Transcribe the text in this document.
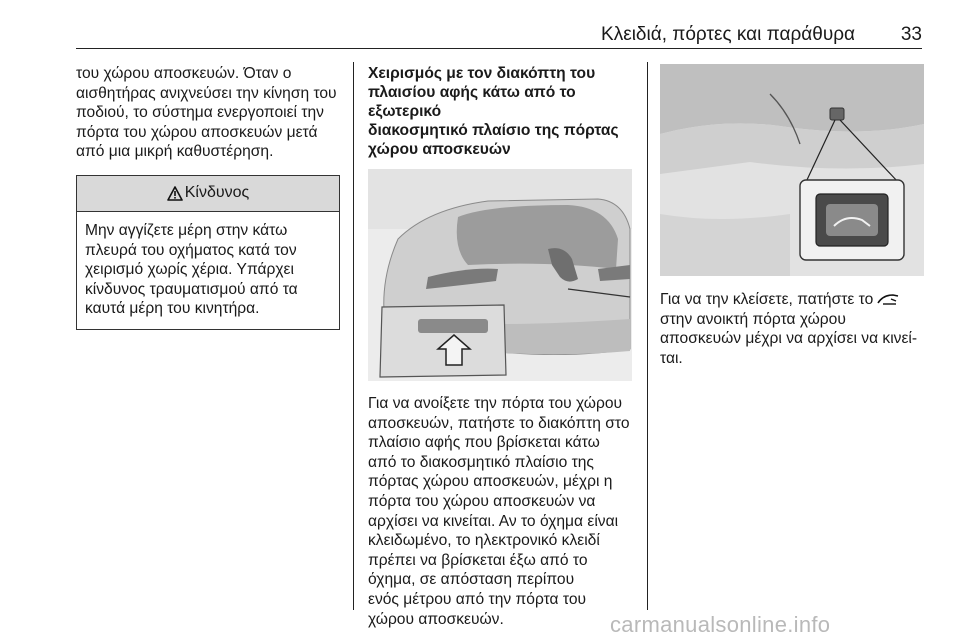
Κλειδιά, πόρτες και παράθυρα 33

του χώρου αποσκευών. Όταν ο
αισθητήρας ανιχνεύσει την κίνηση του
ποδιού, το σύστημα ενεργοποιεί την
πόρτα του χώρου αποσκευών μετά
από μια μικρή καθυστέρηση.

Κίνδυνος

Μην αγγίζετε μέρη στην κάτω
πλευρά του οχήματος κατά τον
χειρισμό χωρίς χέρια. Υπάρχει
κίνδυνος τραυματισμού από τα
καυτά μέρη του κινητήρα.

Χειρισμός με τον διακόπτη του
πλαισίου αφής κάτω από το εξωτερικό
διακοσμητικό πλαίσιο της πόρτας
χώρου αποσκευών

Για να ανοίξετε την πόρτα του χώρου
αποσκευών, πατήστε το διακόπτη στο
πλαίσιο αφής που βρίσκεται κάτω
από το διακοσμητικό πλαίσιο της
πόρτας χώρου αποσκευών, μέχρι η
πόρτα του χώρου αποσκευών να
αρχίσει να κινείται. Αν το όχημα είναι
κλειδωμένο, το ηλεκτρονικό κλειδί
πρέπει να βρίσκεται έξω από το
όχημα, σε απόσταση περίπου
ενός μέτρου από την πόρτα του
χώρου αποσκευών.

Για να την κλείσετε, πατήστε το
στην ανοικτή πόρτα χώρου
αποσκευών μέχρι να αρχίσει να κινεί-
ται.

carmanualsonline.info
